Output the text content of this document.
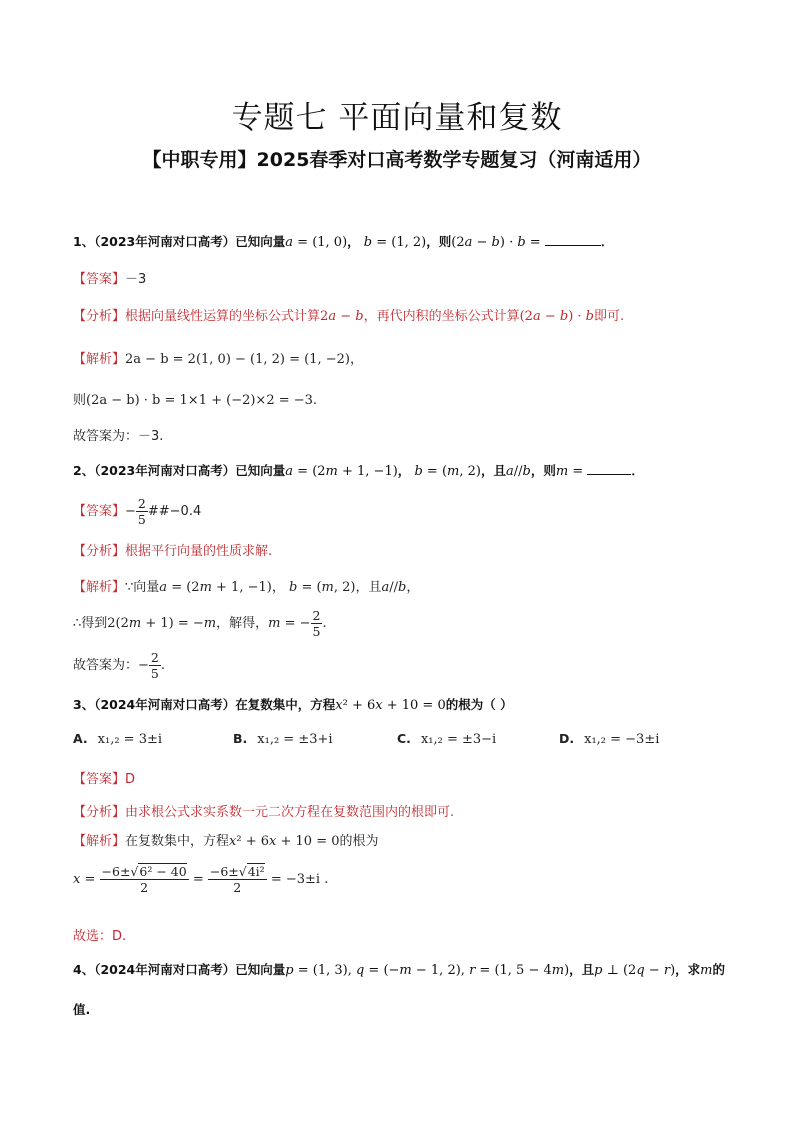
专题七 平面向量和复数
【中职专用】2025春季对口高考数学专题复习（河南适用）
1、（2023年河南对口高考）已知向量a = (1, 0)， b = (1, 2)，则(2a − b) · b =	．
【答案】－3
【分析】根据向量线性运算的坐标公式计算2a − b，再代内积的坐标公式计算(2a − b) · b即可.
【解析】2a − b = 2(1, 0) − (1, 2) = (1, −2)，
则(2a − b) · b = 1×1 + (−2)×2 = −3.
故答案为：－3.
2、（2023年河南对口高考）已知向量a = (2m + 1, −1)， b = (m, 2)，且a//b，则m =	．
【答案】− $\frac{2}{5}$ ##−0.4
【分析】根据平行向量的性质求解.
【解析】∵向量a = (2m + 1, −1)， b = (m, 2)，且a//b，
∴得到2(2m + 1) = −m，解得，m = − $\frac{2}{5}$ .
故答案为：− $\frac{2}{5}$ .
3、（2024年河南对口高考）在复数集中，方程x² + 6x + 10 = 0的根为（ ）
A. x₁,₂ = 3±i	B. x₁,₂ = ±3+i	C. x₁,₂ = ±3−i	D. x₁,₂ = −3±i
【答案】D
【分析】由求根公式求实系数一元二次方程在复数范围内的根即可.
【解析】在复数集中，方程x² + 6x + 10 = 0的根为
$x = \frac{\text{−6±√6² − 40}}{2} = \frac{\text{−6±√4i²}}{2} = -3\pm i$ .
故选：D.
4、（2024年河南对口高考）已知向量p = (1, 3), q = (−m − 1, 2), r = (1, 5 − 4m)，且p ⊥ (2q − r)，求m的
值.
